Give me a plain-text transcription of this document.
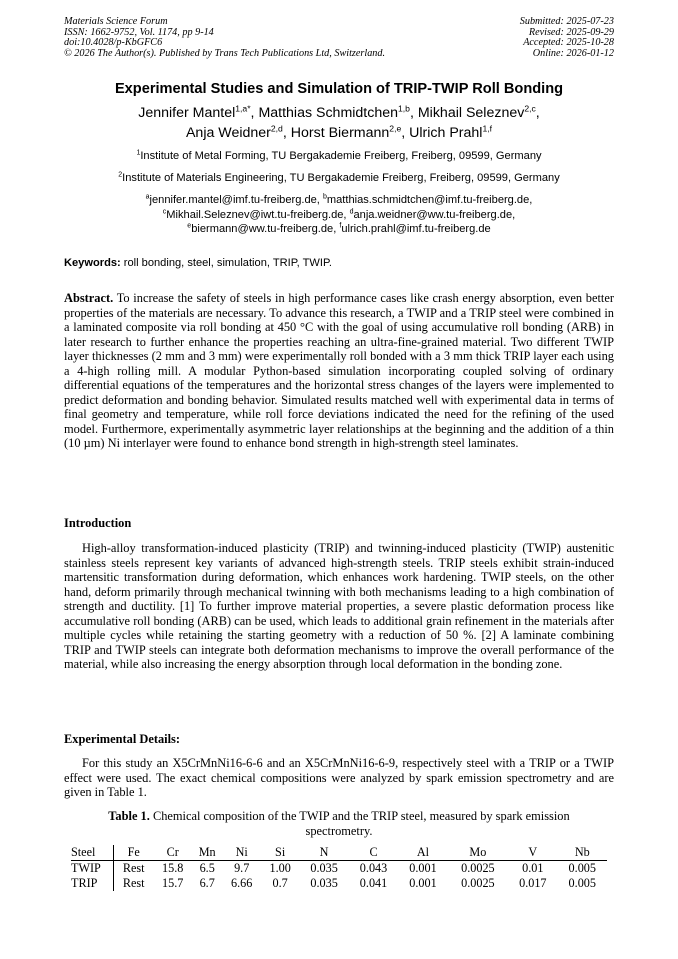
Materials Science Forum
ISSN: 1662-9752, Vol. 1174, pp 9-14
doi:10.4028/p-KbGFC6
© 2026 The Author(s). Published by Trans Tech Publications Ltd, Switzerland.
Submitted: 2025-07-23
Revised: 2025-09-29
Accepted: 2025-10-28
Online: 2026-01-12
Experimental Studies and Simulation of TRIP-TWIP Roll Bonding
Jennifer Mantel$^{1,a*}$, Matthias Schmidtchen$^{1,b}$, Mikhail Seleznev$^{2,c}$,
Anja Weidner$^{2,d}$, Horst Biermann$^{2,e}$, Ulrich Prahl$^{1,f}$
$^1$Institute of Metal Forming, TU Bergakademie Freiberg, Freiberg, 09599, Germany
$^2$Institute of Materials Engineering, TU Bergakademie Freiberg, Freiberg, 09599, Germany
$^a$jennifer.mantel@imf.tu-freiberg.de, $^b$matthias.schmidtchen@imf.tu-freiberg.de,
$^c$Mikhail.Seleznev@iwt.tu-freiberg.de, $^d$anja.weidner@ww.tu-freiberg.de,
$^e$biermann@ww.tu-freiberg.de, $^f$ulrich.prahl@imf.tu-freiberg.de
Keywords: roll bonding, steel, simulation, TRIP, TWIP.
Abstract. To increase the safety of steels in high performance cases like crash energy absorption, even better properties of the materials are necessary. To advance this research, a TWIP and a TRIP steel were combined in a laminated composite via roll bonding at 450 °C with the goal of using accumulative roll bonding (ARB) in later research to further enhance the properties reaching an ultra-fine-grained material. Two different TWIP layer thicknesses (2 mm and 3 mm) were experimentally roll bonded with a 3 mm thick TRIP layer each using a 4-high rolling mill. A modular Python-based simulation incorporating coupled solving of ordinary differential equations of the temperatures and the horizontal stress changes of the layers were implemented to predict deformation and bonding behavior. Simulated results matched well with experimental data in terms of final geometry and temperature, while roll force deviations indicated the need for the refining of the used model. Furthermore, experimentally asymmetric layer relationships at the beginning and the addition of a thin (10 µm) Ni interlayer were found to enhance bond strength in high-strength steel laminates.
Introduction
High-alloy transformation-induced plasticity (TRIP) and twinning-induced plasticity (TWIP) austenitic stainless steels represent key variants of advanced high-strength steels. TRIP steels exhibit strain-induced martensitic transformation during deformation, which enhances work hardening. TWIP steels, on the other hand, deform primarily through mechanical twinning with both mechanisms leading to a high combination of strength and ductility. [1] To further improve material properties, a severe plastic deformation process like accumulative roll bonding (ARB) can be used, which leads to additional grain refinement in the materials after multiple cycles while retaining the starting geometry with a reduction of 50 %. [2] A laminate combining TRIP and TWIP steels can integrate both deformation mechanisms to improve the overall performance of the material, while also increasing the energy absorption through local deformation in the bonding zone.
Experimental Details:
For this study an X5CrMnNi16-6-6 and an X5CrMnNi16-6-9, respectively steel with a TRIP or a TWIP effect were used. The exact chemical compositions were analyzed by spark emission spectrometry and are given in Table 1.
Table 1. Chemical composition of the TWIP and the TRIP steel, measured by spark emission spectrometry.
Steel	Fe	Cr	Mn	Ni	Si	N	C	Al	Mo	V	Nb
TWIP	Rest	15.8	6.5	9.7	1.00	0.035	0.043	0.001	0.0025	0.01	0.005
TRIP	Rest	15.7	6.7	6.66	0.7	0.035	0.041	0.001	0.0025	0.017	0.005
